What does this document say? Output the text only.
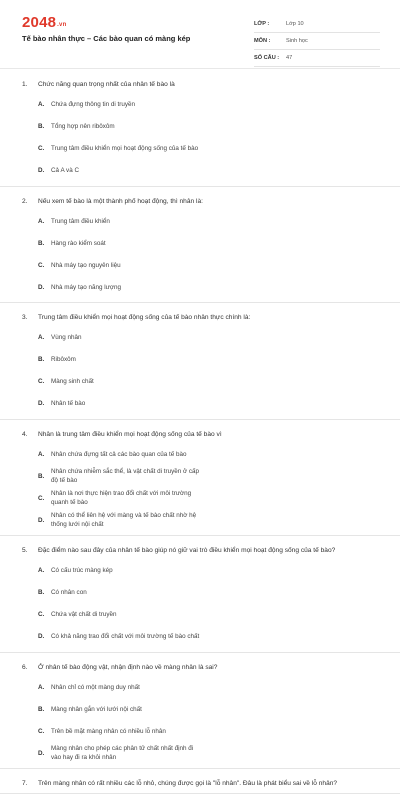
2048.vn
Tế bào nhân thực – Các bào quan có màng kép
LỚP :	Lớp 10
MÔN :	Sinh học
SỐ CÂU : 47
1.	Chức năng quan trọng nhất của nhân tế bào là
A.	Chứa đựng thông tin di truyền
B.	Tổng hợp nên ribôxôm
C.	Trung tâm điều khiển mọi hoạt động sống của tế bào
D.	Cả A và C
2.	Nếu xem tế bào là một thành phố hoạt động, thì nhân là:
A.	Trung tâm điều khiển
B.	Hàng rào kiểm soát
C.	Nhà máy tạo nguyên liệu
D.	Nhà máy tạo năng lượng
3.	Trung tâm điều khiển mọi hoạt động sống của tế bào nhân thực chính là:
A.	Vùng nhân
B.	Ribôxôm
C.	Màng sinh chất
D.	Nhân tế bào
4.	Nhân là trung tâm điều khiển mọi hoạt động sống của tế bào vì
A.	Nhân chứa đựng tất cả các bào quan của tế bào
B.
Nhân chứa nhiễm sắc thể, là vật chất di truyền ở cấp độ tế bào
C.
Nhân là nơi thực hiện trao đổi chất với môi trường quanh tế bào
D.
Nhân có thể liên hệ với màng và tế bào chất nhờ hệ thống lưới nội chất
5.	Đặc điểm nào sau đây của nhân tế bào giúp nó giữ vai trò điều khiển mọi hoạt động sống của tế bào?
A.	Có cấu trúc màng kép
B.	Có nhân con
C.	Chứa vật chất di truyền
D.	Có khả năng trao đổi chất với môi trường tế bào chất
6.	Ở nhân tế bào động vật, nhận định nào về màng nhân là sai?
A.	Nhân chỉ có một màng duy nhất
B.	Màng nhân gắn với lưới nội chất
C.	Trên bề mặt màng nhân có nhiều lỗ nhân
D.
Màng nhân cho phép các phân tử chất nhất định đi vào hay đi ra khỏi nhân
7.	Trên màng nhân có rất nhiều các lỗ nhỏ, chúng được gọi là "lỗ nhân". Đâu là phát biểu sai về lỗ nhân?
